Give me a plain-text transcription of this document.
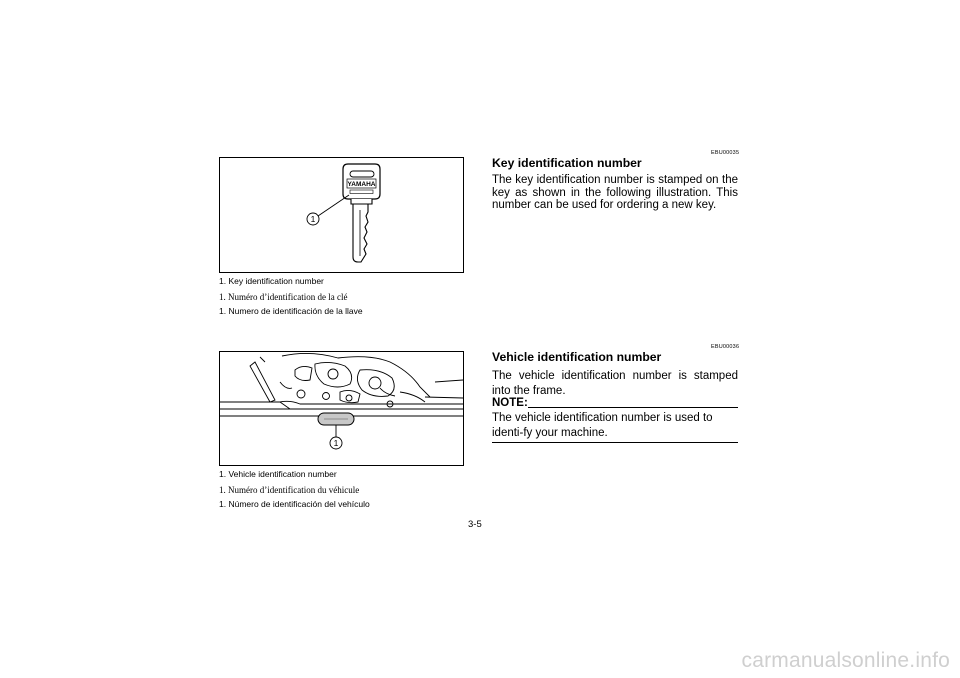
YAMAHA
1
1. Key identification number
1. Numéro d’identification de la clé
1. Numero de identificación de la llave
1
1. Vehicle identification number
1. Numéro d’identification du véhicule
1. Número de identificación del vehículo
EBU00035
Key identification number
The key identification number is stamped on the key as shown in the following illustration. This number can be used for ordering a new key.
EBU00036
Vehicle identification number
The vehicle identification number is stamped into the frame.
NOTE:
The vehicle identification number is used to identi-fy your machine.
3-5
carmanualsonline.info
